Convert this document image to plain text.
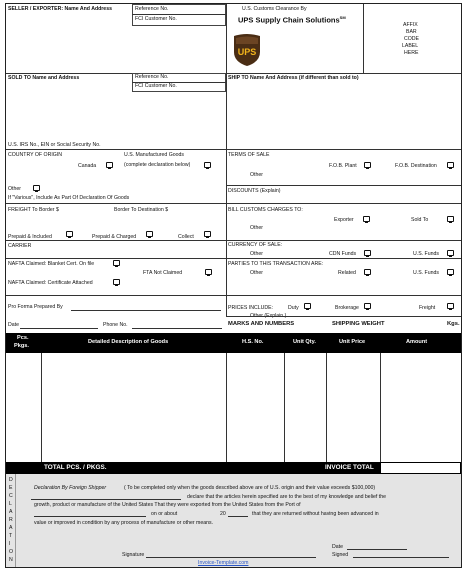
SELLER / EXPORTER: Name And Address	Reference No.
FCI Customer No.
U.S. Customs Clearance By
UPS Supply Chain Solutions℠
UPS
AFFIX
BAR
CODE
LABEL
HERE
SOLD TO Name and Address	Reference No.
FCI Customer No.
SHIP TO Name And Address (if different than sold to)
U.S. IRS No., EIN or Social Security No.
COUNTRY OF ORIGIN	U.S. Manufactured Goods
(complete declaration below)
Canada
Other
If "Various", Include As Part Of Declaration Of Goods
TERMS OF SALE
F.O.B. Plant	F.O.B. Destination
Other
DISCOUNTS (Explain)
FREIGHT To Border $	Border To Destination $
Prepaid & Included	Prepaid & Charged	Collect
BILL CUSTOMS CHARGES TO:
Exporter	Sold To
Other
CARRIER	CURRENCY OF SALE:
Other	CDN Funds	U.S. Funds
NAFTA Claimed: Blanket Cert. On file
FTA Not Claimed
NAFTA Claimed: Certificate Attached
PARTIES TO THIS TRANSACTION ARE:
Other	Related	U.S. Funds
Pro Forma Prepared By	PRICES INCLUDE:	Duty	Brokerage	Freight
Other (Explain )
Date	Phone No.	MARKS AND NUMBERS	SHIPPING WEIGHT	Kgs.
Pcs.
Pkgs.
Detailed Description of Goods	H.S. No.	Unit Qty.	Unit Price	Amount
TOTAL PCS. / PKGS.	INVOICE TOTAL
D
E
C
L
A
R
A
T
I
O
N
Declaration By Foreign Shipper	( To be completed only when the goods described above are of U.S. origin and their value exceeds $100,000)
declare that the articles herein specified are to the best of my knowledge and belief the
growth, product or manufacture of the United States That they were exported from the United States from the Port of
on or about	20	that they are returned without having been advanced in
value or improved in condition by any process of manufacture or other means.
Date
Signature	Signed
Invoice-Template.com
